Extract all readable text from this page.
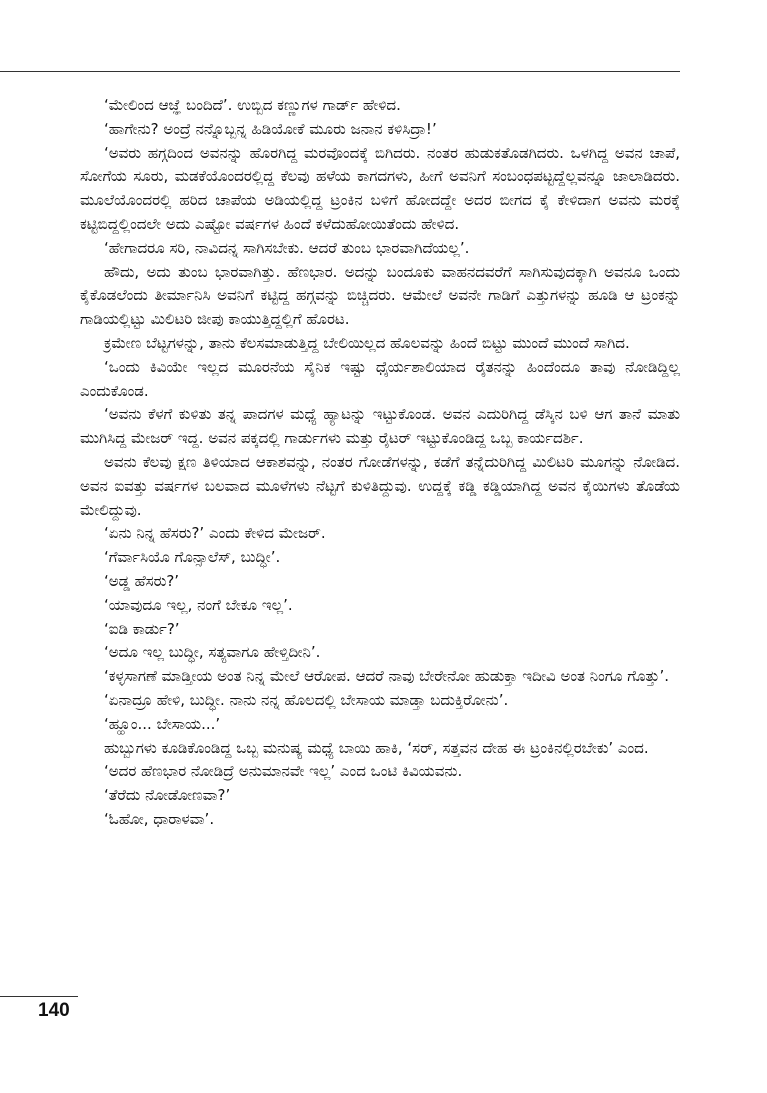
‘ಮೇಲಿಂದ ಆಜ್ಞೆ ಬಂದಿದೆ’. ಉಬ್ಬಿದ ಕಣ್ಣುಗಳ ಗಾರ್ಡ್ ಹೇಳಿದ.

‘ಹಾಗೇನು? ಅಂದ್ರೆ ನನ್ನೊಬ್ಬನ್ನ ಹಿಡಿಯೋಕೆ ಮೂರು ಜನಾನ ಕಳಿಸಿದ್ರಾ!’

‘ಅವರು ಹಗ್ಗದಿಂದ ಅವನನ್ನು ಹೊರಗಿದ್ದ ಮರವೊಂದಕ್ಕೆ ಬಿಗಿದರು. ನಂತರ ಹುಡುಕತೊಡಗಿದರು. ಒಳಗಿದ್ದ ಅವನ ಚಾಪೆ, ಸೋಗೆಯ ಸೂರು, ಮಡಕೆಯೊಂದರಲ್ಲಿದ್ದ ಕೆಲವು ಹಳೆಯ ಕಾಗದಗಳು, ಹೀಗೆ ಅವನಿಗೆ ಸಂಬಂಧಪಟ್ಟದ್ದೆಲ್ಲವನ್ನೂ ಜಾಲಾಡಿದರು. ಮೂಲೆಯೊಂದರಲ್ಲಿ ಹರಿದ ಚಾಪೆಯ ಅಡಿಯಲ್ಲಿದ್ದ ಟ್ರಂಕಿನ ಬಳಿಗೆ ಹೋದದ್ದೇ ಅದರ ಬೀಗದ ಕೈ ಕೇಳಿದಾಗ ಅವನು ಮರಕ್ಕೆ ಕಟ್ಟಿಬಿದ್ದಲ್ಲಿಂದಲೇ ಅದು ಎಷ್ಟೋ ವರ್ಷಗಳ ಹಿಂದೆ ಕಳೆದುಹೋಯಿತೆಂದು ಹೇಳಿದ.

‘ಹೇಗಾದರೂ ಸರಿ, ನಾವಿದನ್ನ ಸಾಗಿಸಬೇಕು. ಆದರೆ ತುಂಬ ಭಾರವಾಗಿದೆಯಲ್ಲ’.

ಹೌದು, ಅದು ತುಂಬ ಭಾರವಾಗಿತ್ತು. ಹೆಣಭಾರ. ಅದನ್ನು ಬಂದೂಕು ವಾಹನದವರೆಗೆ ಸಾಗಿಸುವುದಕ್ಕಾಗಿ ಅವನೂ ಒಂದು ಕೈಕೊಡಲೆಂದು ತೀರ್ಮಾನಿಸಿ ಅವನಿಗೆ ಕಟ್ಟಿದ್ದ ಹಗ್ಗವನ್ನು ಬಿಚ್ಚಿದರು. ಆಮೇಲೆ ಅವನೇ ಗಾಡಿಗೆ ಎತ್ತುಗಳನ್ನು ಹೂಡಿ ಆ ಟ್ರಂಕನ್ನು ಗಾಡಿಯಲ್ಲಿಟ್ಟು ಮಿಲಿಟರಿ ಜೀಪು ಕಾಯುತ್ತಿದ್ದಲ್ಲಿಗೆ ಹೊರಟ.

ಕ್ರಮೇಣ ಬೆಟ್ಟಗಳನ್ನು, ತಾನು ಕೆಲಸಮಾಡುತ್ತಿದ್ದ ಬೇಲಿಯಿಲ್ಲದ ಹೊಲವನ್ನು ಹಿಂದೆ ಬಿಟ್ಟು ಮುಂದೆ ಮುಂದೆ ಸಾಗಿದ.

‘ಒಂದು ಕಿವಿಯೇ ಇಲ್ಲದ ಮೂರನೆಯ ಸೈನಿಕ ಇಷ್ಟು ಧೈರ್ಯಶಾಲಿಯಾದ ರೈತನನ್ನು ಹಿಂದೆಂದೂ ತಾವು ನೋಡಿದ್ದಿಲ್ಲ ಎಂದುಕೊಂಡ.

‘ಅವನು ಕೆಳಗೆ ಕುಳಿತು ತನ್ನ ಪಾದಗಳ ಮಧ್ಯೆ ಹ್ಯಾಟನ್ನು ಇಟ್ಟುಕೊಂಡ. ಅವನ ಎದುರಿಗಿದ್ದ ಡೆಸ್ಕಿನ ಬಳಿ ಆಗ ತಾನೆ ಮಾತು ಮುಗಿಸಿದ್ದ ಮೇಜರ್ ಇದ್ದ. ಅವನ ಪಕ್ಕದಲ್ಲಿ ಗಾರ್ಡುಗಳು ಮತ್ತು ರೈಟರ್ ಇಟ್ಟುಕೊಂಡಿದ್ದ ಒಬ್ಬ ಕಾರ್ಯದರ್ಶಿ.

ಅವನು ಕೆಲವು ಕ್ಷಣ ತಿಳಿಯಾದ ಆಕಾಶವನ್ನು, ನಂತರ ಗೋಡೆಗಳನ್ನು, ಕಡೆಗೆ ತನ್ನೆದುರಿಗಿದ್ದ ಮಿಲಿಟರಿ ಮೂಗನ್ನು ನೋಡಿದ. ಅವನ ಐವತ್ತು ವರ್ಷಗಳ ಬಲವಾದ ಮೂಳೆಗಳು ನೆಟ್ಟಗೆ ಕುಳಿತಿದ್ದುವು. ಉದ್ದಕ್ಕೆ ಕಡ್ಡಿ ಕಡ್ಡಿಯಾಗಿದ್ದ ಅವನ ಕೈಯಿಗಳು ತೊಡೆಯ ಮೇಲಿದ್ದುವು.

‘ಏನು ನಿನ್ನ ಹೆಸರು?’ ಎಂದು ಕೇಳಿದ ಮೇಜರ್.

‘ಗೆರ್ವಾಸಿಯೊ ಗೊನ್ಸಾಲೆಸ್, ಬುದ್ಧೀ’.

‘ಅಡ್ಡ ಹೆಸರು?’

‘ಯಾವುದೂ ಇಲ್ಲ, ನಂಗೆ ಬೇಕೂ ಇಲ್ಲ’.

‘ಐಡಿ ಕಾರ್ಡು?’

‘ಅದೂ ಇಲ್ಲ ಬುದ್ಧೀ, ಸತ್ಯವಾಗೂ ಹೇಳ್ತಿದೀನಿ’.

‘ಕಳ್ಳಸಾಗಣೆ ಮಾಡ್ತೀಯ ಅಂತ ನಿನ್ನ ಮೇಲೆ ಆರೋಪ. ಆದರೆ ನಾವು ಬೇರೇನೋ ಹುಡುಕ್ತಾ ಇದೀವಿ ಅಂತ ನಿಂಗೂ ಗೊತ್ತು’.

‘ಏನಾದ್ರೂ ಹೇಳಿ, ಬುದ್ಧೀ. ನಾನು ನನ್ನ ಹೊಲದಲ್ಲಿ ಬೇಸಾಯ ಮಾಡ್ತಾ ಬದುಕ್ತಿರೋನು’.

‘ಹ್ಹೂಂ... ಬೇಸಾಯ...’

ಹುಬ್ಬುಗಳು ಕೂಡಿಕೊಂಡಿದ್ದ ಒಬ್ಬ ಮನುಷ್ಯ ಮಧ್ಯೆ ಬಾಯಿ ಹಾಕಿ, ‘ಸರ್, ಸತ್ತವನ ದೇಹ ಈ ಟ್ರಂಕಿನಲ್ಲಿರಬೇಕು’ ಎಂದ.

‘ಅದರ ಹೆಣಭಾರ ನೋಡಿದ್ರೆ ಅನುಮಾನವೇ ಇಲ್ಲ’ ಎಂದ ಒಂಟಿ ಕಿವಿಯವನು.

‘ತೆರೆದು ನೋಡೋಣವಾ?’

‘ಓಹೋ, ಧಾರಾಳವಾ’.

140
